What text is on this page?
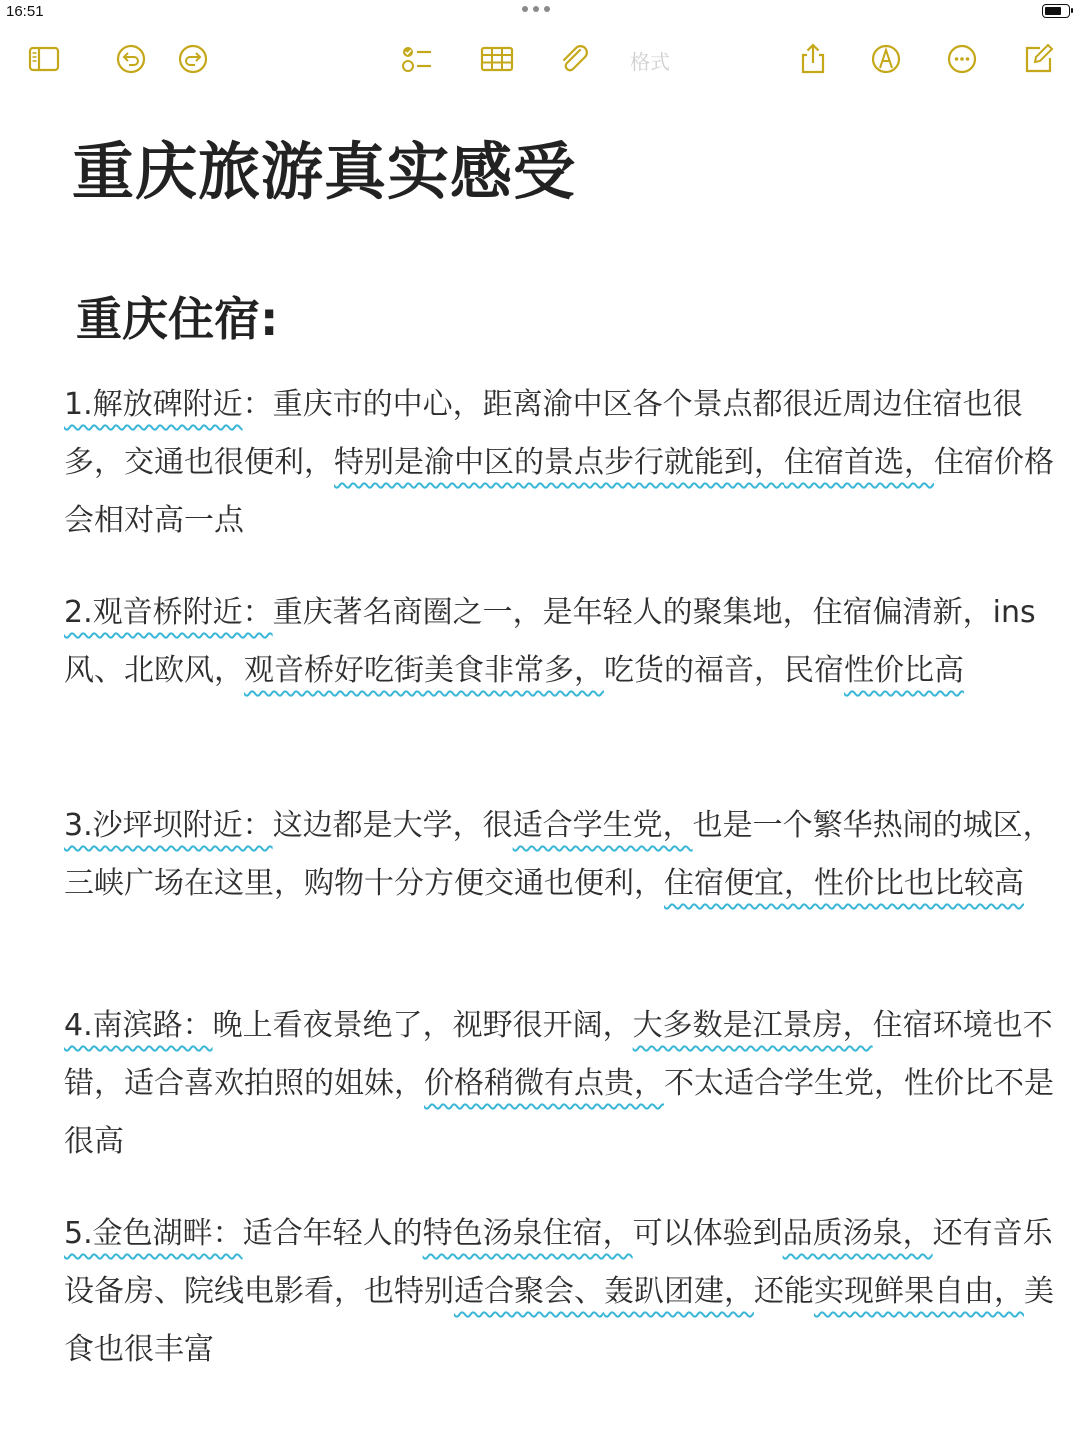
16:51
格式
重庆旅游真实感受
重庆住宿:

1.解放碑附近：重庆市的中心，距离渝中区各个景点都很近周边住宿也很多，交通也很便利，特别是渝中区的景点步行就能到，住宿首选，住宿价格会相对高一点

2.观音桥附近：重庆著名商圈之一，是年轻人的聚集地，住宿偏清新，ins风、北欧风，观音桥好吃街美食非常多，吃货的福音，民宿性价比高

3.沙坪坝附近：这边都是大学，很适合学生党，也是一个繁华热闹的城区，三峡广场在这里，购物十分方便交通也便利，住宿便宜，性价比也比较高

4.南滨路：晚上看夜景绝了，视野很开阔，大多数是江景房，住宿环境也不错，适合喜欢拍照的姐妹，价格稍微有点贵，不太适合学生党，性价比不是很高

5.金色湖畔：适合年轻人的特色汤泉住宿，可以体验到品质汤泉，还有音乐设备房、院线电影看，也特别适合聚会、轰趴团建，还能实现鲜果自由，美食也很丰富
